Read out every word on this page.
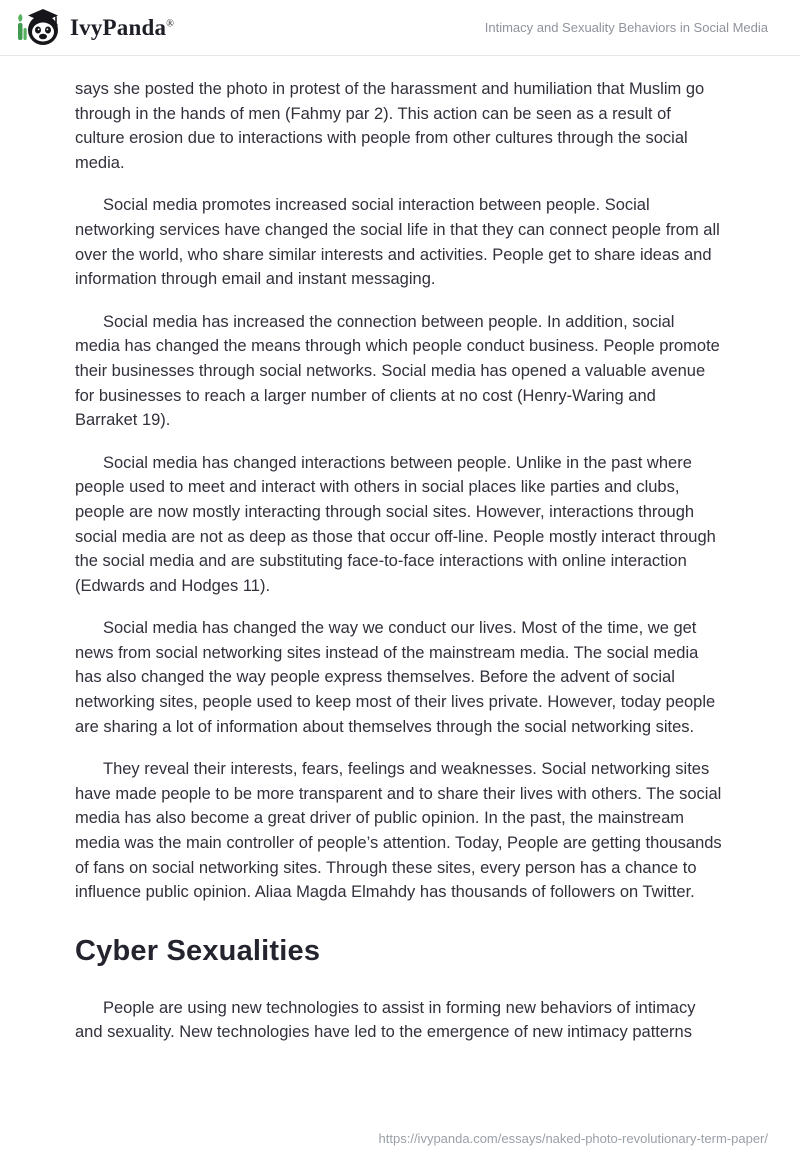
IvyPanda®	Intimacy and Sexuality Behaviors in Social Media

says she posted the photo in protest of the harassment and humiliation that Muslim go through in the hands of men (Fahmy par 2). This action can be seen as a result of culture erosion due to interactions with people from other cultures through the social media.

Social media promotes increased social interaction between people. Social networking services have changed the social life in that they can connect people from all over the world, who share similar interests and activities. People get to share ideas and information through email and instant messaging.

Social media has increased the connection between people. In addition, social media has changed the means through which people conduct business. People promote their businesses through social networks. Social media has opened a valuable avenue for businesses to reach a larger number of clients at no cost (Henry-Waring and Barraket 19).

Social media has changed interactions between people. Unlike in the past where people used to meet and interact with others in social places like parties and clubs, people are now mostly interacting through social sites. However, interactions through social media are not as deep as those that occur off-line. People mostly interact through the social media and are substituting face-to-face interactions with online interaction (Edwards and Hodges 11).

Social media has changed the way we conduct our lives. Most of the time, we get news from social networking sites instead of the mainstream media. The social media has also changed the way people express themselves. Before the advent of social networking sites, people used to keep most of their lives private. However, today people are sharing a lot of information about themselves through the social networking sites.

They reveal their interests, fears, feelings and weaknesses. Social networking sites have made people to be more transparent and to share their lives with others. The social media has also become a great driver of public opinion. In the past, the mainstream media was the main controller of people’s attention. Today, People are getting thousands of fans on social networking sites. Through these sites, every person has a chance to influence public opinion. Aliaa Magda Elmahdy has thousands of followers on Twitter.

Cyber Sexualities

People are using new technologies to assist in forming new behaviors of intimacy and sexuality. New technologies have led to the emergence of new intimacy patterns

https://ivypanda.com/essays/naked-photo-revolutionary-term-paper/
